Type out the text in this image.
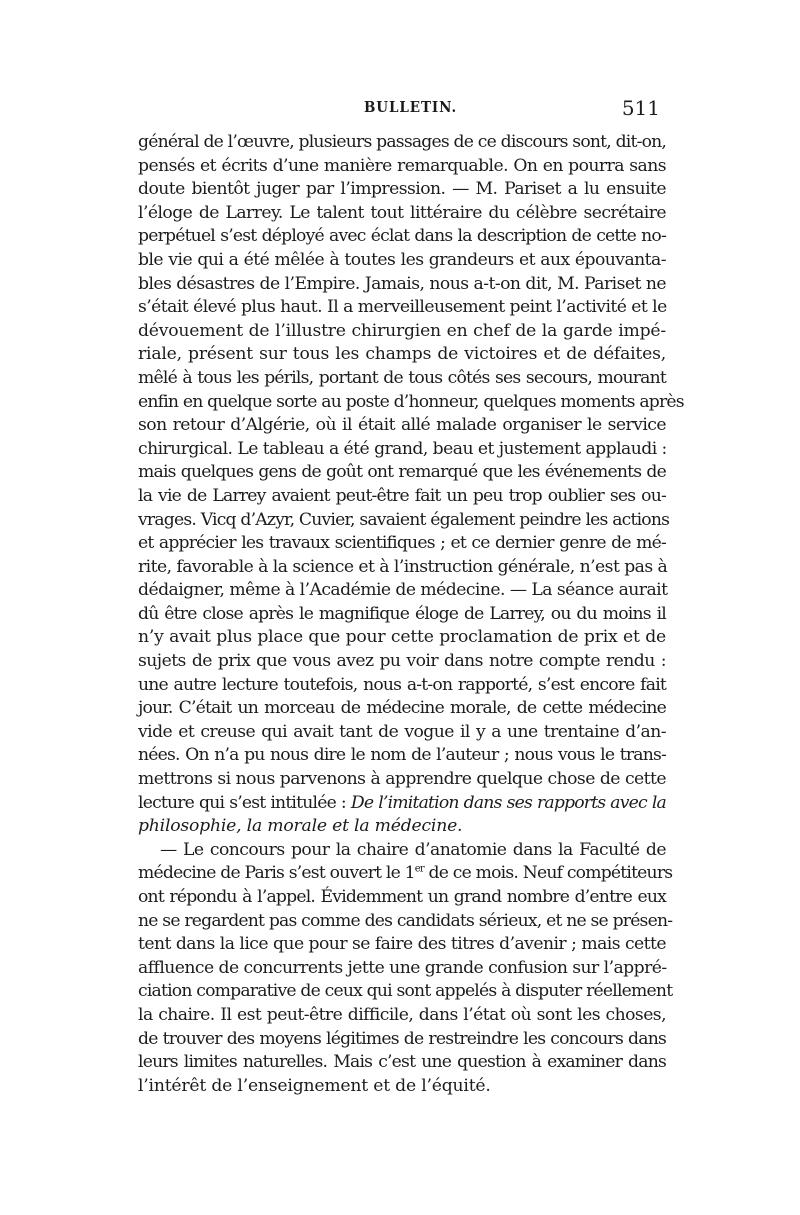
BULLETIN.	511
général de l’œuvre, plusieurs passages de ce discours sont, dit-on,
pensés et écrits d’une manière remarquable. On en pourra sans
doute bientôt juger par l’impression. — M. Pariset a lu ensuite
l’éloge de Larrey. Le talent tout littéraire du célèbre secrétaire
perpétuel s’est déployé avec éclat dans la description de cette no-
ble vie qui a été mêlée à toutes les grandeurs et aux épouvanta-
bles désastres de l’Empire. Jamais, nous a-t-on dit, M. Pariset ne
s’était élevé plus haut. Il a merveilleusement peint l’activité et le
dévouement de l’illustre chirurgien en chef de la garde impé-
riale, présent sur tous les champs de victoires et de défaites,
mêlé à tous les périls, portant de tous côtés ses secours, mourant
enfin en quelque sorte au poste d’honneur, quelques moments après
son retour d’Algérie, où il était allé malade organiser le service
chirurgical. Le tableau a été grand, beau et justement applaudi :
mais quelques gens de goût ont remarqué que les événements de
la vie de Larrey avaient peut-être fait un peu trop oublier ses ou-
vrages. Vicq d’Azyr, Cuvier, savaient également peindre les actions
et apprécier les travaux scientifiques ; et ce dernier genre de mé-
rite, favorable à la science et à l’instruction générale, n’est pas à
dédaigner, même à l’Académie de médecine. — La séance aurait
dû être close après le magnifique éloge de Larrey, ou du moins il
n’y avait plus place que pour cette proclamation de prix et de
sujets de prix que vous avez pu voir dans notre compte rendu :
une autre lecture toutefois, nous a-t-on rapporté, s’est encore fait
jour. C’était un morceau de médecine morale, de cette médecine
vide et creuse qui avait tant de vogue il y a une trentaine d’an-
nées. On n’a pu nous dire le nom de l’auteur ; nous vous le trans-
mettrons si nous parvenons à apprendre quelque chose de cette
lecture qui s’est intitulée : De l’imitation dans ses rapports avec la
philosophie, la morale et la médecine.
— Le concours pour la chaire d’anatomie dans la Faculté de
médecine de Paris s’est ouvert le 1er de ce mois. Neuf compétiteurs
ont répondu à l’appel. Évidemment un grand nombre d’entre eux
ne se regardent pas comme des candidats sérieux, et ne se présen-
tent dans la lice que pour se faire des titres d’avenir ; mais cette
affluence de concurrents jette une grande confusion sur l’appré-
ciation comparative de ceux qui sont appelés à disputer réellement
la chaire. Il est peut-être difficile, dans l’état où sont les choses,
de trouver des moyens légitimes de restreindre les concours dans
leurs limites naturelles. Mais c’est une question à examiner dans
l’intérêt de l’enseignement et de l’équité.
